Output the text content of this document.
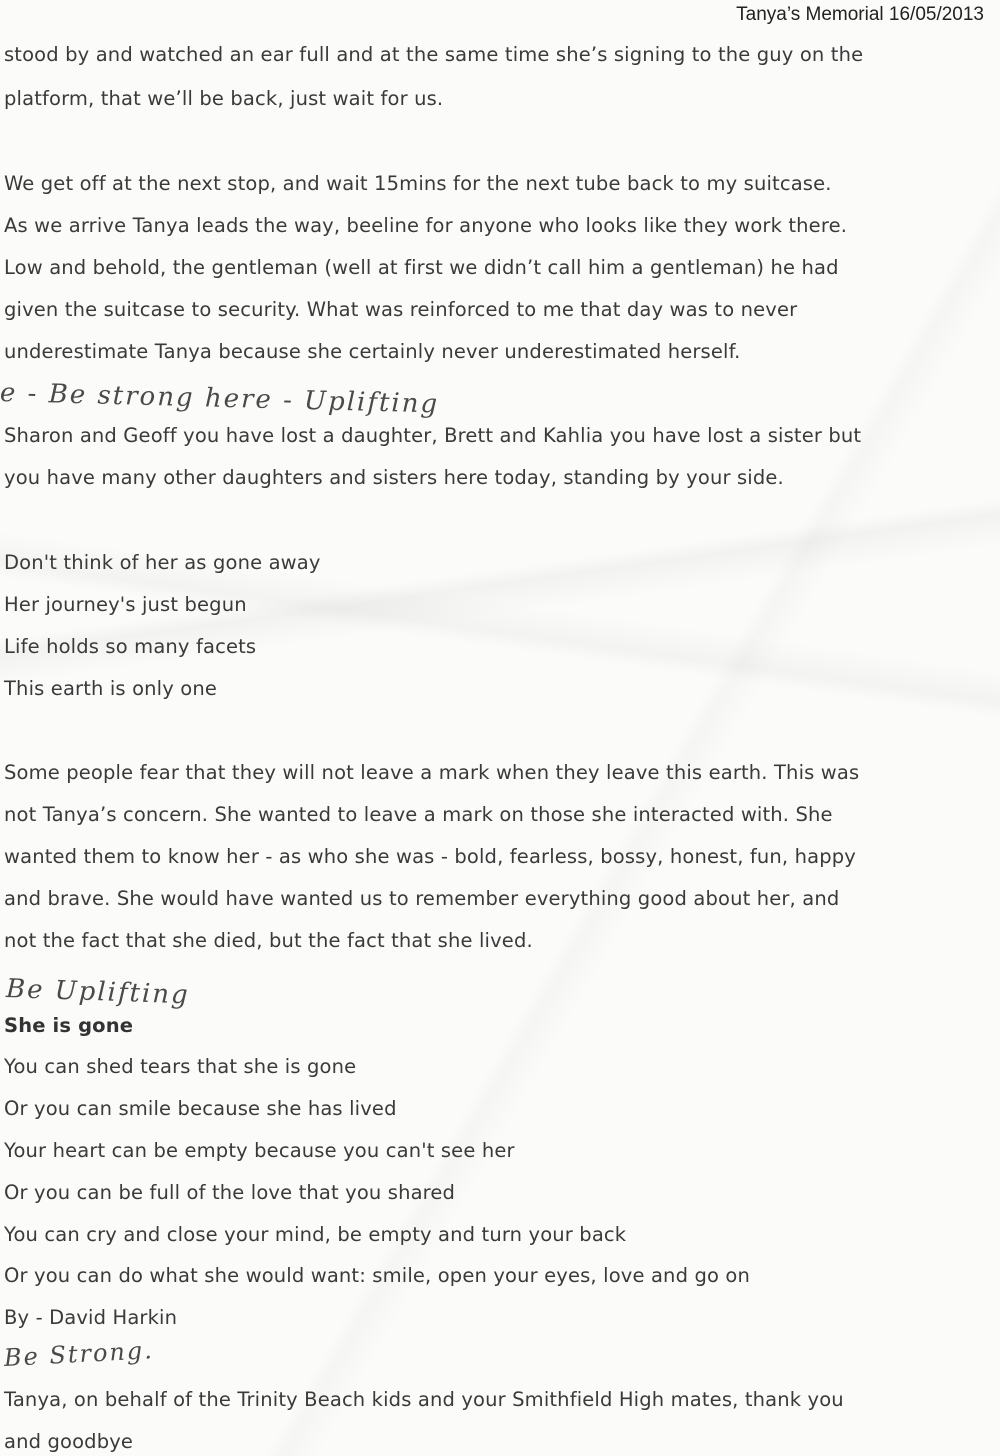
Tanya’s Memorial 16/05/2013
stood by and watched an ear full and at the same time she’s signing to the guy on the
platform, that we’ll be back, just wait for us.
We get off at the next stop, and wait 15mins for the next tube back to my suitcase.
As we arrive Tanya leads the way, beeline for anyone who looks like they work there.
Low and behold, the gentleman (well at first we didn’t call him a gentleman) he had
given the suitcase to security. What was reinforced to me that day was to never
underestimate Tanya because she certainly never underestimated herself.
e - Be strong here - Uplifting
Sharon and Geoff you have lost a daughter, Brett and Kahlia you have lost a sister but
you have many other daughters and sisters here today, standing by your side.
Don't think of her as gone away
Her journey's just begun
Life holds so many facets
This earth is only one
Some people fear that they will not leave a mark when they leave this earth. This was
not Tanya’s concern. She wanted to leave a mark on those she interacted with. She
wanted them to know her - as who she was - bold, fearless, bossy, honest, fun, happy
and brave. She would have wanted us to remember everything good about her, and
not the fact that she died, but the fact that she lived.
Be Uplifting
She is gone
You can shed tears that she is gone
Or you can smile because she has lived
Your heart can be empty because you can't see her
Or you can be full of the love that you shared
You can cry and close your mind, be empty and turn your back
Or you can do what she would want: smile, open your eyes, love and go on
By - David Harkin
Be Strong.
Tanya, on behalf of the Trinity Beach kids and your Smithfield High mates, thank you
and goodbye
